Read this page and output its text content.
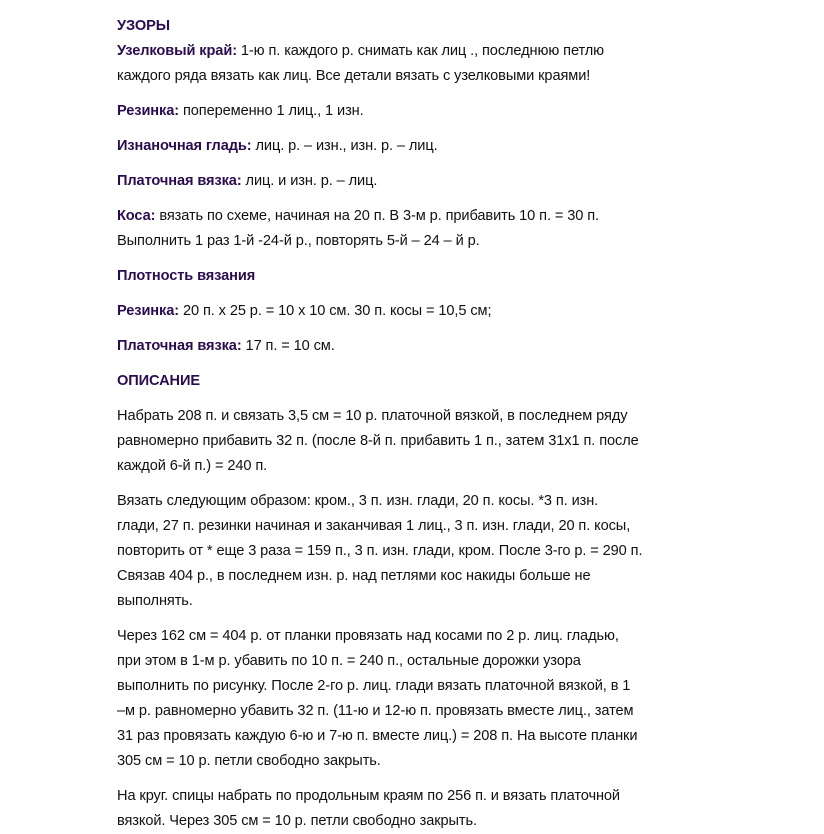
УЗОРЫ
Узелковый край: 1-ю п. каждого р. снимать как лиц ., последнюю петлю
каждого ряда вязать как лиц. Все детали вязать с узелковыми краями!
Резинка: попеременно 1 лиц., 1 изн.
Изнаночная гладь: лиц. р. – изн., изн. р. – лиц.
Платочная вязка: лиц. и изн. р. – лиц.
Коса: вязать по схеме, начиная на 20 п. В 3-м р. прибавить 10 п. = 30 п.
Выполнить 1 раз 1-й -24-й р., повторять 5-й – 24 – й р.
Плотность вязания
Резинка: 20 п. х 25 р. = 10 х 10 см. 30 п. косы = 10,5 см;
Платочная вязка: 17 п. = 10 см.
ОПИСАНИЕ
Набрать 208 п. и связать 3,5 см = 10 р. платочной вязкой, в последнем ряду
равномерно прибавить 32 п. (после 8-й п. прибавить 1 п., затем 31х1 п. после
каждой 6-й п.) = 240 п.
Вязать следующим образом: кром., 3 п. изн. глади, 20 п. косы. *3 п. изн.
глади, 27 п. резинки начиная и заканчивая 1 лиц., 3 п. изн. глади, 20 п. косы,
повторить от * еще 3 раза = 159 п., 3 п. изн. глади, кром. После 3-го р. = 290 п.
Связав 404 р., в последнем изн. р. над петлями кос накиды больше не
выполнять.
Через 162 см = 404 р. от планки провязать над косами по 2 р. лиц. гладью,
при этом в 1-м р. убавить по 10 п. = 240 п., остальные дорожки узора
выполнить по рисунку. После 2-го р. лиц. глади вязать платочной вязкой, в 1
–м р. равномерно убавить 32 п. (11-ю и 12-ю п. провязать вместе лиц., затем
31 раз провязать каждую 6-ю и 7-ю п. вместе лиц.) = 208 п. На высоте планки
305 см = 10 р. петли свободно закрыть.
На круг. спицы набрать по продольным краям по 256 п. и вязать платочной
вязкой. Через 305 см = 10 р. петли свободно закрыть.
